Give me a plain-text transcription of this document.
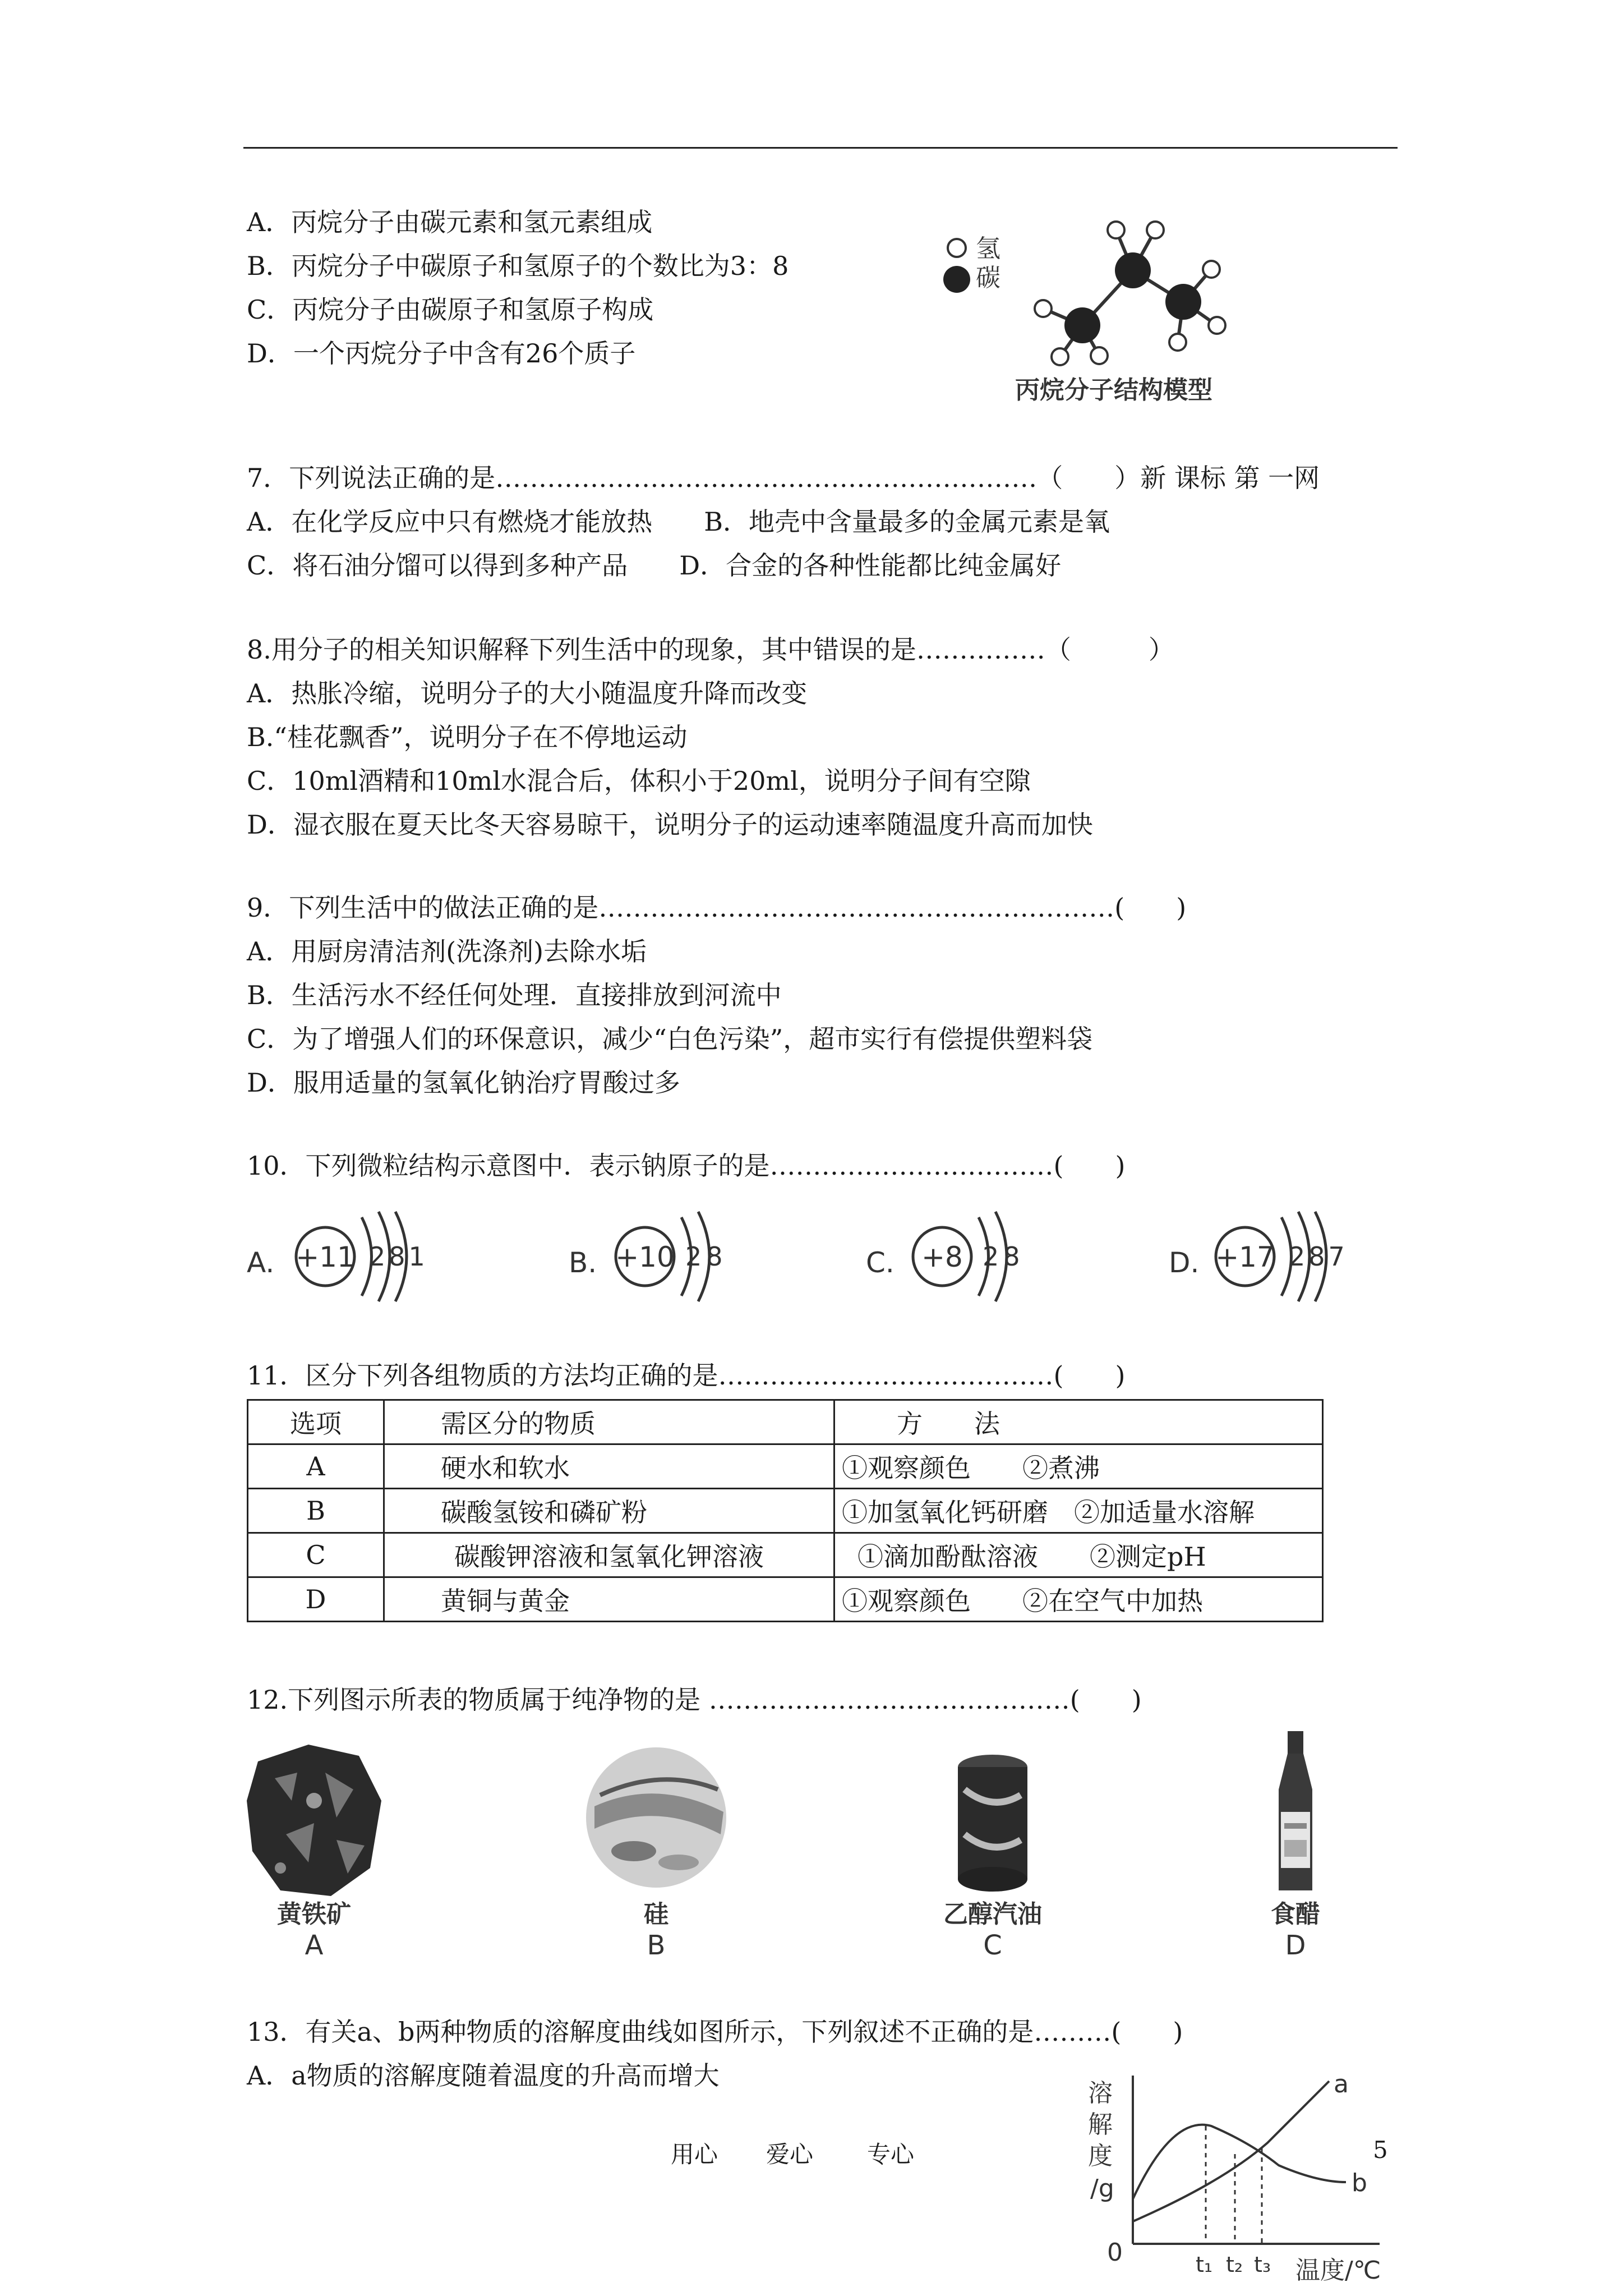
A．丙烷分子由碳元素和氢元素组成
B．丙烷分子中碳原子和氢原子的个数比为3：8
C．丙烷分子由碳原子和氢原子构成
D．一个丙烷分子中含有26个质子
氢
碳
丙烷分子结构模型
7．下列说法正确的是………………………………………………………（　　）新 课标 第 一网
A．在化学反应中只有燃烧才能放热　　B．地壳中含量最多的金属元素是氧
C．将石油分馏可以得到多种产品　　D．合金的各种性能都比纯金属好
8.用分子的相关知识解释下列生活中的现象，其中错误的是……………（　　　）
A．热胀冷缩，说明分子的大小随温度升降而改变
B.“桂花飘香”，说明分子在不停地运动
C．10ml酒精和10ml水混合后，体积小于20ml，说明分子间有空隙
D．湿衣服在夏天比冬天容易晾干，说明分子的运动速率随温度升高而加快
9．下列生活中的做法正确的是……………………………………………………(　　)
A．用厨房清洁剂(洗涤剂)去除水垢
B．生活污水不经任何处理．直接排放到河流中
C．为了增强人们的环保意识，减少“白色污染”，超市实行有偿提供塑料袋
D．服用适量的氢氧化钠治疗胃酸过多
10．下列微粒结构示意图中．表示钠原子的是……………………………(　　)
A. +11 281	B. +10 28	C. +8 28	D. +17 287
11．区分下列各组物质的方法均正确的是…………………………………(　　)
选项	需区分的物质	方　　法
A	硬水和软水	①观察颜色　　②煮沸
B	碳酸氢铵和磷矿粉	①加氢氧化钙研磨　②加适量水溶解
C	碳酸钾溶液和氢氧化钾溶液	①滴加酚酞溶液　　②测定pH
D	黄铜与黄金	①观察颜色　　②在空气中加热
12.下列图示所表的物质属于纯净物的是 ……………………………………(　　)
黄铁矿
A
硅
B
乙醇汽油
C
食醋
D
13．有关a、b两种物质的溶解度曲线如图所示，下列叙述不正确的是………(　　)
A．a物质的溶解度随着温度的升高而增大
溶
解
度
/g
0
a
b
t₁ t₂ t₃ 温度/℃
用心 爱心 专心	5
